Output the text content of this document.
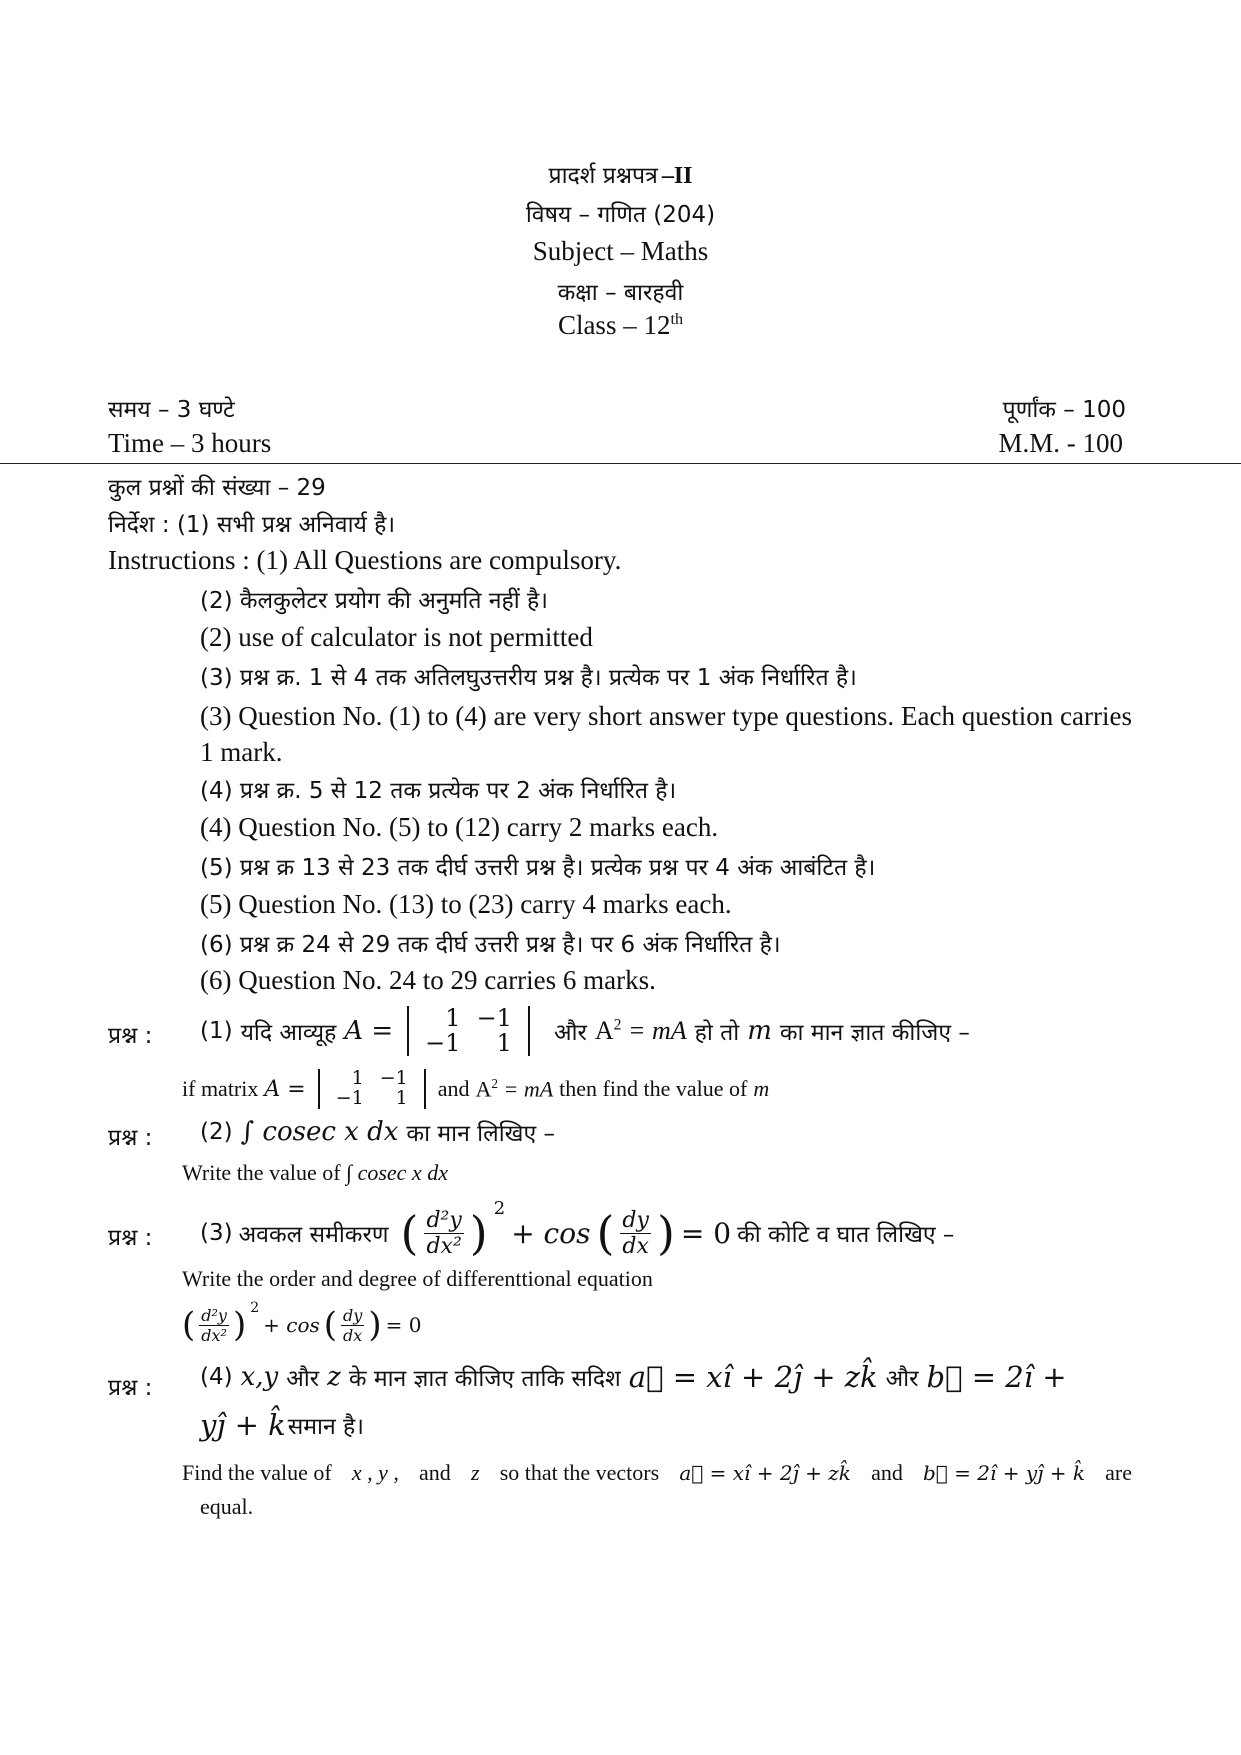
प्रादर्श प्रश्नपत्र –II
विषय – गणित (204)
Subject – Maths
कक्षा – बारहवी
Class – 12th
समय – 3 घण्टे	पूर्णांक – 100
Time – 3 hours	M.M. - 100
कुल प्रश्नों की संख्या – 29
निर्देश : (1) सभी प्रश्न अनिवार्य है।
Instructions : (1) All Questions are compulsory.
(2) कैलकुलेटर प्रयोग की अनुमति नहीं है।
(2) use of calculator is not permitted
(3) प्रश्न क्र. 1 से 4 तक अतिलघुउत्तरीय प्रश्न है। प्रत्येक पर 1 अंक निर्धारित है।
(3) Question No. (1) to (4) are very short answer type questions. Each question carries 1 mark.
(4) प्रश्न क्र. 5 से 12 तक प्रत्येक पर 2 अंक निर्धारित है।
(4) Question No. (5) to (12) carry 2 marks each.
(5) प्रश्न क्र 13 से 23 तक दीर्घ उत्तरी प्रश्न है। प्रत्येक प्रश्न पर 4 अंक आबंटित है।
(5) Question No. (13) to (23) carry 4 marks each.
(6) प्रश्न क्र 24 से 29 तक दीर्घ उत्तरी प्रश्न है। पर 6 अंक निर्धारित है।
(6) Question No. 24 to 29 carries 6 marks.
प्रश्न : (1) यदि आव्यूह A = 1	−1
−1	1 और $A^2$ = mA हो तो m का मान ज्ञात कीजिए –
if matrix A = 1	−1
−1	1 and $A^2$ = mA then find the value of m
प्रश्न : (2) ∫ cosec x dx का मान लिखिए –
Write the value of ∫ cosec x dx
प्रश्न : (3) अवकल समीकरण ( $\frac{\text{d²y}}{\text{dx²}}$ ) 2
+ cos ( $\frac{dy}{dx}$ ) = 0 की कोटि व घात लिखिए –
Write the order and degree of differenttional equation
( $\frac{\text{d²y}}{\text{dx²}}$ ) 2
+ cos ( $\frac{dy}{dx}$ ) = 0
प्रश्न : (4) x,y और z के मान ज्ञात कीजिए ताकि सदिश a⃗ = xî + 2ĵ + zk̂ और b⃗ = 2î +
yĵ + k̂ समान है।
Find the value of x , y , and z so that the vectors a⃗ = xî + 2ĵ + zk̂ and b⃗ = 2î + yĵ + k̂ are
equal.
